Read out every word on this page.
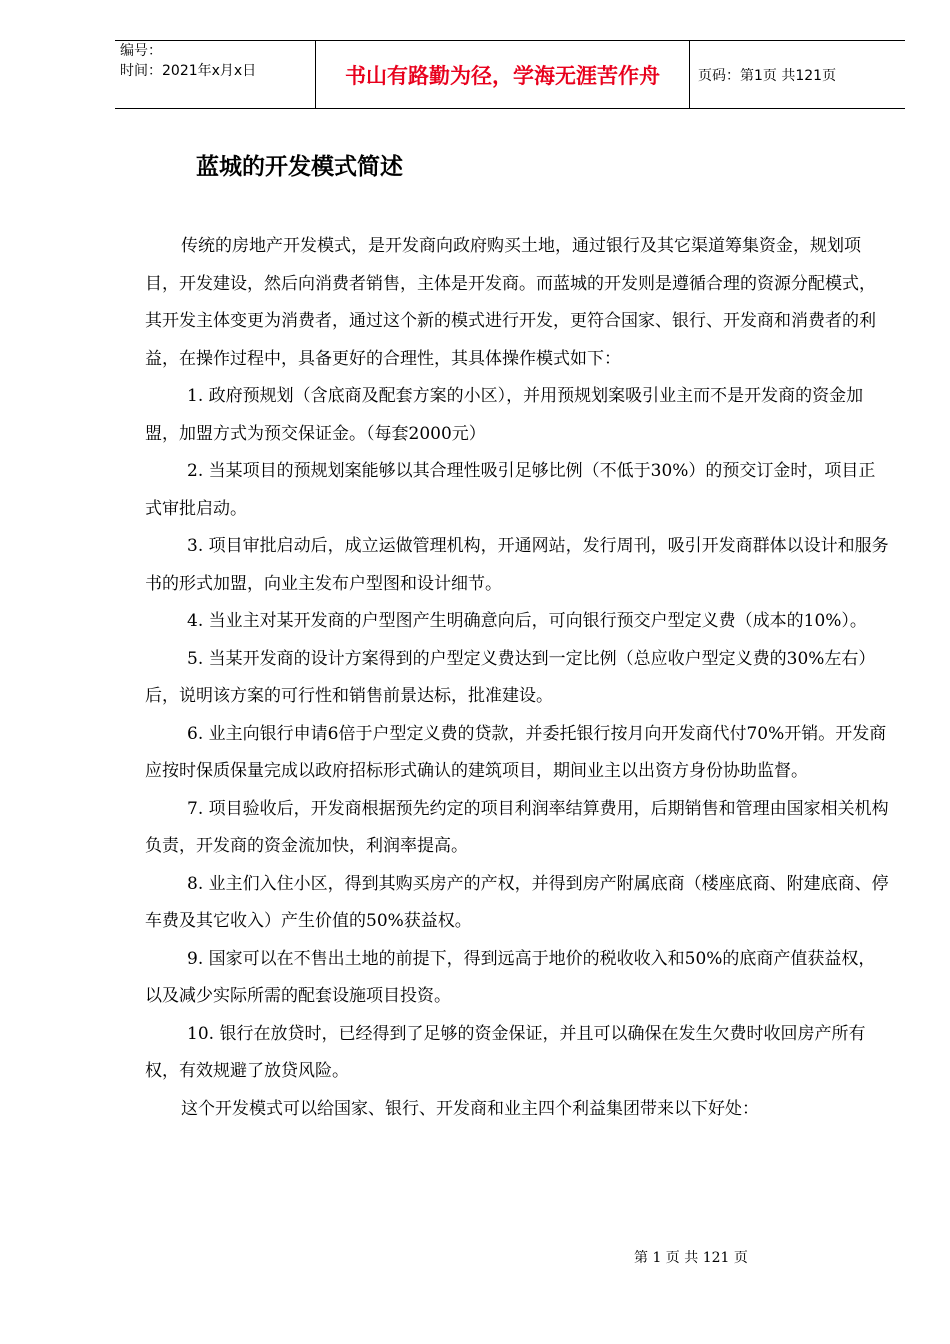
编号：
时间：2021年x月x日	书山有路勤为径，学海无涯苦作舟	页码：第1页 共121页
蓝城的开发模式简述

传统的房地产开发模式，是开发商向政府购买土地，通过银行及其它渠道筹集资金，规划项目，开发建设，然后向消费者销售，主体是开发商。而蓝城的开发则是遵循合理的资源分配模式，其开发主体变更为消费者，通过这个新的模式进行开发，更符合国家、银行、开发商和消费者的利益，在操作过程中，具备更好的合理性，其具体操作模式如下：

1. 政府预规划（含底商及配套方案的小区），并用预规划案吸引业主而不是开发商的资金加盟，加盟方式为预交保证金。（每套2000元）

2. 当某项目的预规划案能够以其合理性吸引足够比例（不低于30%）的预交订金时，项目正式审批启动。

3. 项目审批启动后，成立运做管理机构，开通网站，发行周刊，吸引开发商群体以设计和服务书的形式加盟，向业主发布户型图和设计细节。

4. 当业主对某开发商的户型图产生明确意向后，可向银行预交户型定义费（成本的10%）。

5. 当某开发商的设计方案得到的户型定义费达到一定比例（总应收户型定义费的30%左右）后，说明该方案的可行性和销售前景达标，批准建设。

6. 业主向银行申请6倍于户型定义费的贷款，并委托银行按月向开发商代付70%开销。开发商应按时保质保量完成以政府招标形式确认的建筑项目，期间业主以出资方身份协助监督。

7. 项目验收后，开发商根据预先约定的项目利润率结算费用，后期销售和管理由国家相关机构负责，开发商的资金流加快，利润率提高。

8. 业主们入住小区，得到其购买房产的产权，并得到房产附属底商（楼座底商、附建底商、停车费及其它收入）产生价值的50%获益权。

9. 国家可以在不售出土地的前提下，得到远高于地价的税收收入和50%的底商产值获益权，以及减少实际所需的配套设施项目投资。

10. 银行在放贷时，已经得到了足够的资金保证，并且可以确保在发生欠费时收回房产所有权，有效规避了放贷风险。

这个开发模式可以给国家、银行、开发商和业主四个利益集团带来以下好处：

第 1 页 共 121 页
